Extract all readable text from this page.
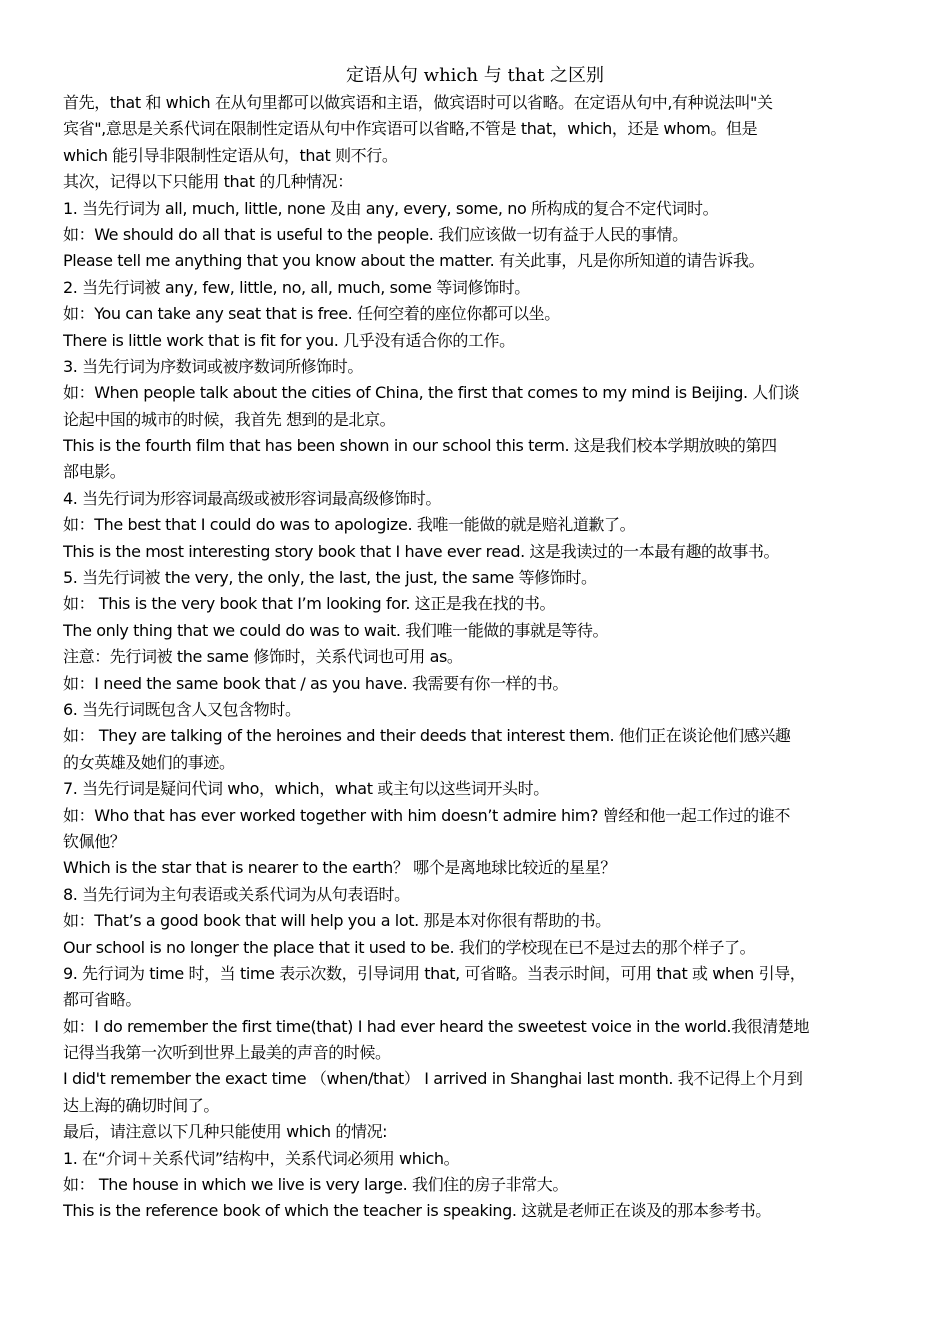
定语从句 which 与 that 之区别
首先，that 和 which 在从句里都可以做宾语和主语，做宾语时可以省略。在定语从句中,有种说法叫"关
宾省",意思是关系代词在限制性定语从句中作宾语可以省略,不管是 that，which，还是 whom。但是
which 能引导非限制性定语从句，that 则不行。
其次，记得以下只能用 that 的几种情况：
1. 当先行词为 all, much, little, none 及由 any, every, some, no 所构成的复合不定代词时。
如：We should do all that is useful to the people. 我们应该做一切有益于人民的事情。
Please tell me anything that you know about the matter. 有关此事，凡是你所知道的请告诉我。
2. 当先行词被 any, few, little, no, all, much, some 等词修饰时。
如：You can take any seat that is free. 任何空着的座位你都可以坐。
There is little work that is fit for you. 几乎没有适合你的工作。
3. 当先行词为序数词或被序数词所修饰时。
如：When people talk about the cities of China, the first that comes to my mind is Beijing. 人们谈
论起中国的城市的时候，我首先 想到的是北京。
This is the fourth film that has been shown in our school this term. 这是我们校本学期放映的第四
部电影。
4. 当先行词为形容词最高级或被形容词最高级修饰时。
如：The best that I could do was to apologize. 我唯一能做的就是赔礼道歉了。
This is the most interesting story book that I have ever read. 这是我读过的一本最有趣的故事书。
5. 当先行词被 the very, the only, the last, the just, the same 等修饰时。
如： This is the very book that I’m looking for. 这正是我在找的书。
The only thing that we could do was to wait. 我们唯一能做的事就是等待。
注意：先行词被 the same 修饰时，关系代词也可用 as。
如：I need the same book that / as you have. 我需要有你一样的书。
6. 当先行词既包含人又包含物时。
如： They are talking of the heroines and their deeds that interest them. 他们正在谈论他们感兴趣
的女英雄及她们的事迹。
7. 当先行词是疑问代词 who，which，what 或主句以这些词开头时。
如：Who that has ever worked together with him doesn’t admire him? 曾经和他一起工作过的谁不
钦佩他？
Which is the star that is nearer to the earth？ 哪个是离地球比较近的星星？
8. 当先行词为主句表语或关系代词为从句表语时。
如：That’s a good book that will help you a lot. 那是本对你很有帮助的书。
Our school is no longer the place that it used to be. 我们的学校现在已不是过去的那个样子了。
9. 先行词为 time 时，当 time 表示次数，引导词用 that, 可省略。当表示时间，可用 that 或 when 引导，
都可省略。
如：I do remember the first time(that) I had ever heard the sweetest voice in the world.我很清楚地
记得当我第一次听到世界上最美的声音的时候。
I did't remember the exact time （when/that） I arrived in Shanghai last month. 我不记得上个月到
达上海的确切时间了。
最后，请注意以下几种只能使用 which 的情况:
1. 在“介词＋关系代词”结构中，关系代词必须用 which。
如： The house in which we live is very large. 我们住的房子非常大。
This is the reference book of which the teacher is speaking. 这就是老师正在谈及的那本参考书。
